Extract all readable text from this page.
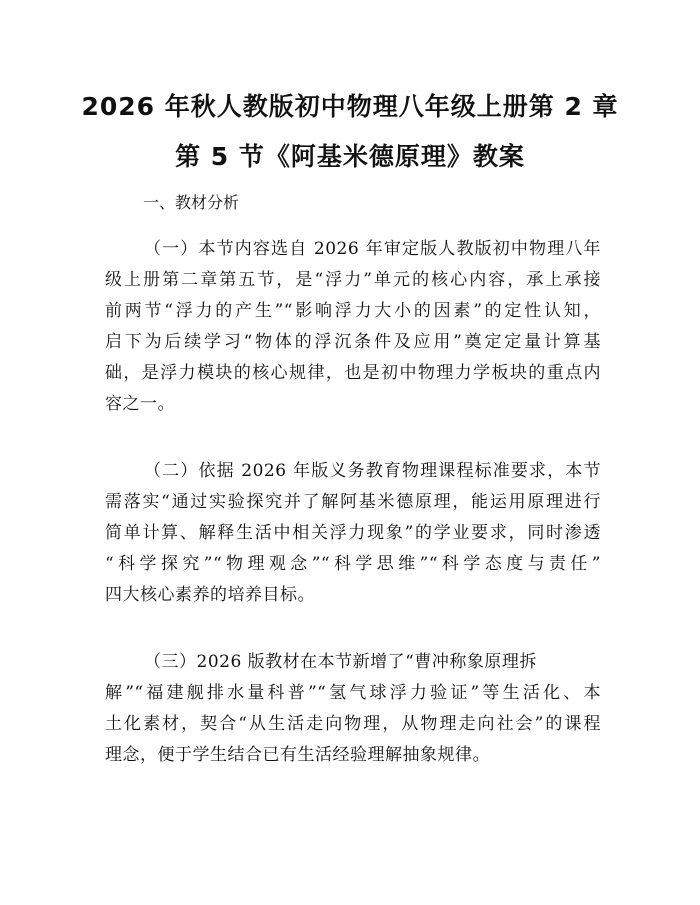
2026 年秋人教版初中物理八年级上册第 2 章
第 5 节《阿基米德原理》教案
一、教材分析
（一）本节内容选自 2026 年审定版人教版初中物理八年
级上册第二章第五节，是“浮力”单元的核心内容，承上承接
前两节“浮力的产生”“影响浮力大小的因素”的定性认知，
启下为后续学习“物体的浮沉条件及应用”奠定定量计算基
础，是浮力模块的核心规律，也是初中物理力学板块的重点内
容之一。
（二）依据 2026 年版义务教育物理课程标准要求，本节
需落实“通过实验探究并了解阿基米德原理，能运用原理进行
简单计算、解释生活中相关浮力现象”的学业要求，同时渗透
“科学探究”“物理观念”“科学思维”“科学态度与责任”
四大核心素养的培养目标。
（三）2026 版教材在本节新增了“曹冲称象原理拆
解”“福建舰排水量科普”“氢气球浮力验证”等生活化、本
土化素材，契合“从生活走向物理，从物理走向社会”的课程
理念，便于学生结合已有生活经验理解抽象规律。
